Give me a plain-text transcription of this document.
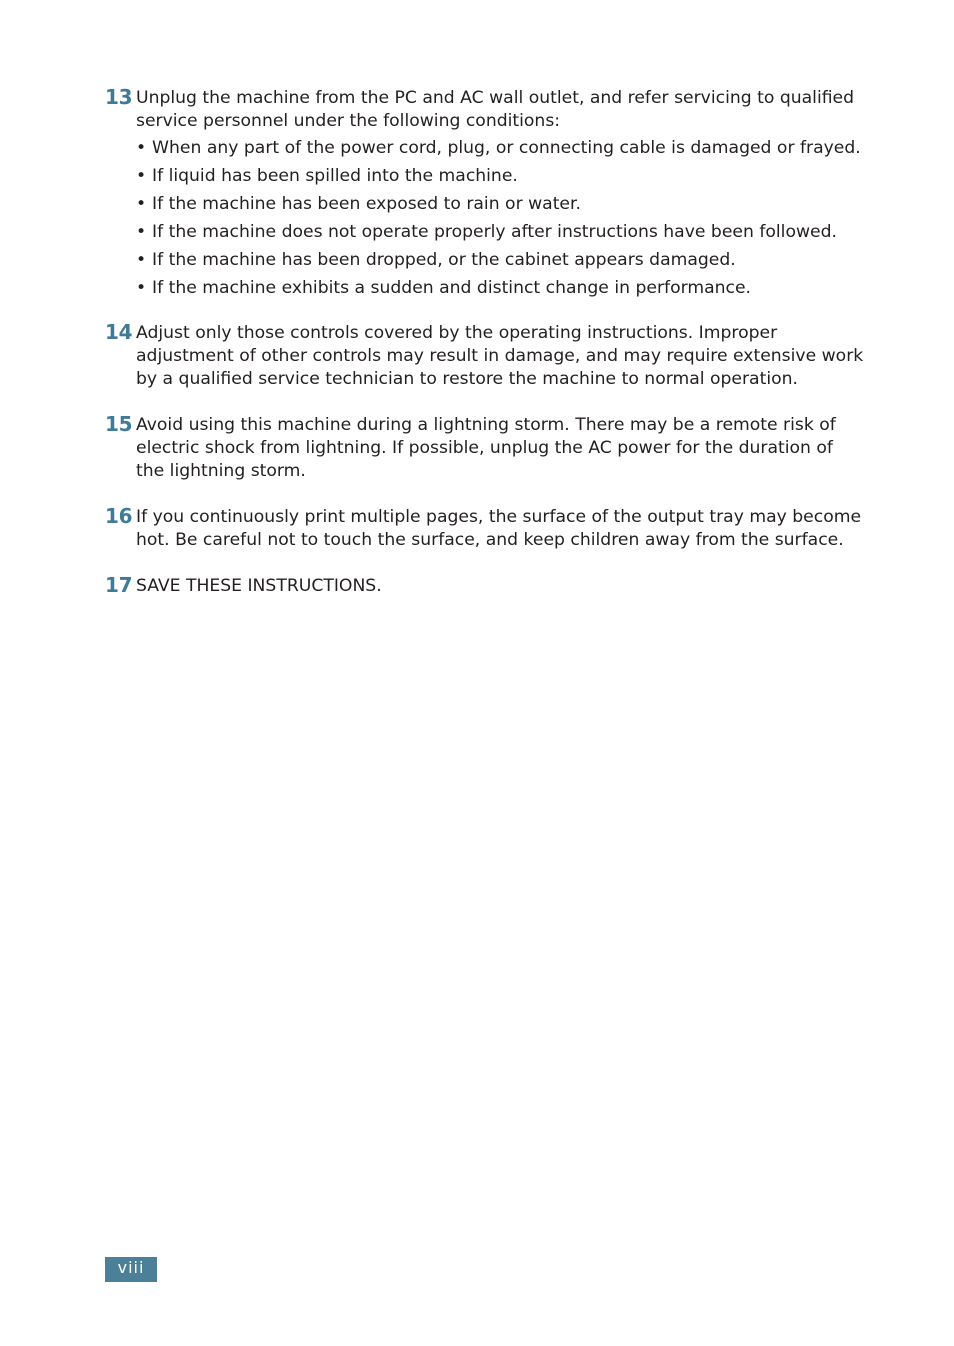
13 Unplug the machine from the PC and AC wall outlet, and refer servicing to qualified service personnel under the following conditions:

• When any part of the power cord, plug, or connecting cable is damaged or frayed.
• If liquid has been spilled into the machine.
• If the machine has been exposed to rain or water.
• If the machine does not operate properly after instructions have been followed.
• If the machine has been dropped, or the cabinet appears damaged.
• If the machine exhibits a sudden and distinct change in performance.
14 Adjust only those controls covered by the operating instructions. Improper adjustment of other controls may result in damage, and may require extensive work by a qualified service technician to restore the machine to normal operation.

15 Avoid using this machine during a lightning storm. There may be a remote risk of electric shock from lightning. If possible, unplug the AC power for the duration of the lightning storm.

16 If you continuously print multiple pages, the surface of the output tray may become hot. Be careful not to touch the surface, and keep children away from the surface.

17 SAVE THESE INSTRUCTIONS.

viii
